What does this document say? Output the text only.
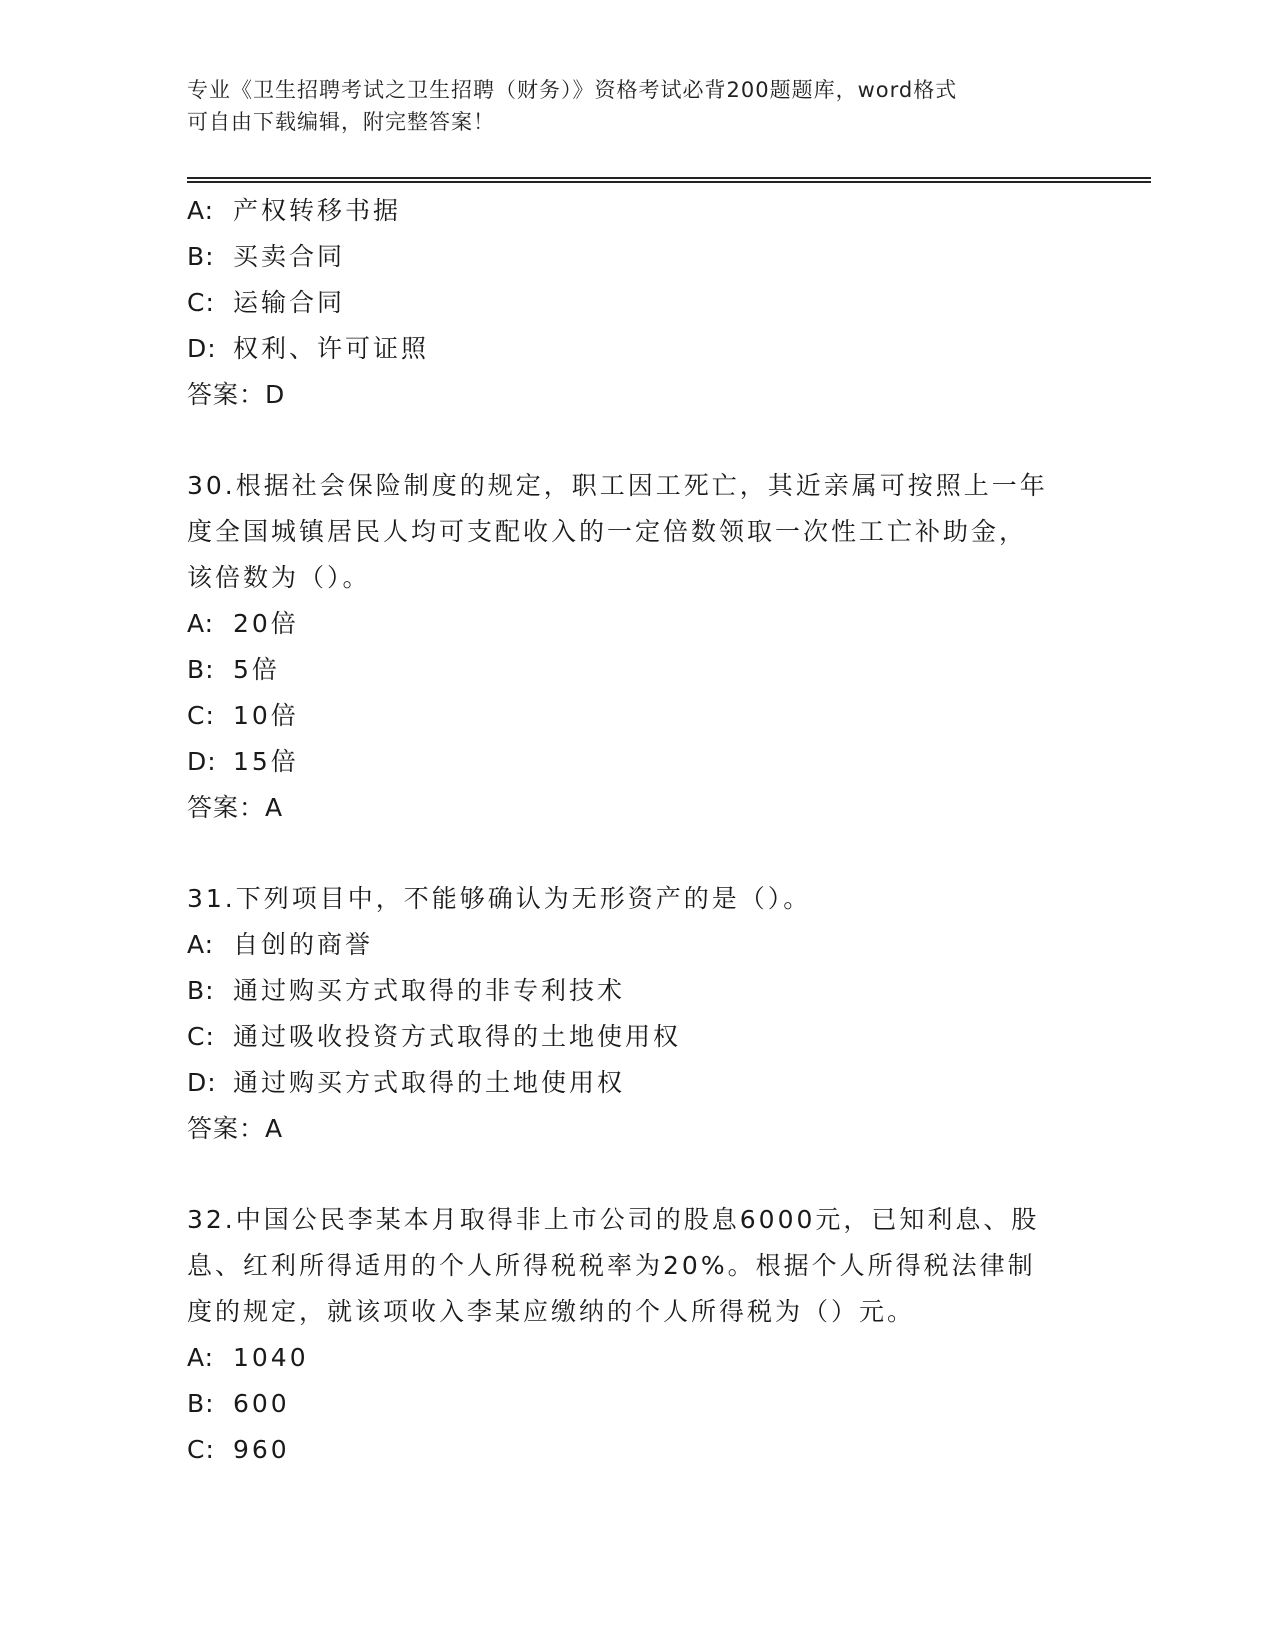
专业《卫生招聘考试之卫生招聘（财务）》资格考试必背200题题库，word格式
可自由下载编辑，附完整答案！
A: 产权转移书据
B: 买卖合同
C: 运输合同
D: 权利、许可证照
答案：D
30.根据社会保险制度的规定，职工因工死亡，其近亲属可按照上一年
度全国城镇居民人均可支配收入的一定倍数领取一次性工亡补助金，
该倍数为（）。
A: 20倍
B: 5倍
C: 10倍
D: 15倍
答案：A
31.下列项目中，不能够确认为无形资产的是（）。
A: 自创的商誉
B: 通过购买方式取得的非专利技术
C: 通过吸收投资方式取得的土地使用权
D: 通过购买方式取得的土地使用权
答案：A
32.中国公民李某本月取得非上市公司的股息6000元，已知利息、股
息、红利所得适用的个人所得税税率为20%。根据个人所得税法律制
度的规定，就该项收入李某应缴纳的个人所得税为（）元。
A: 1040
B: 600
C: 960
